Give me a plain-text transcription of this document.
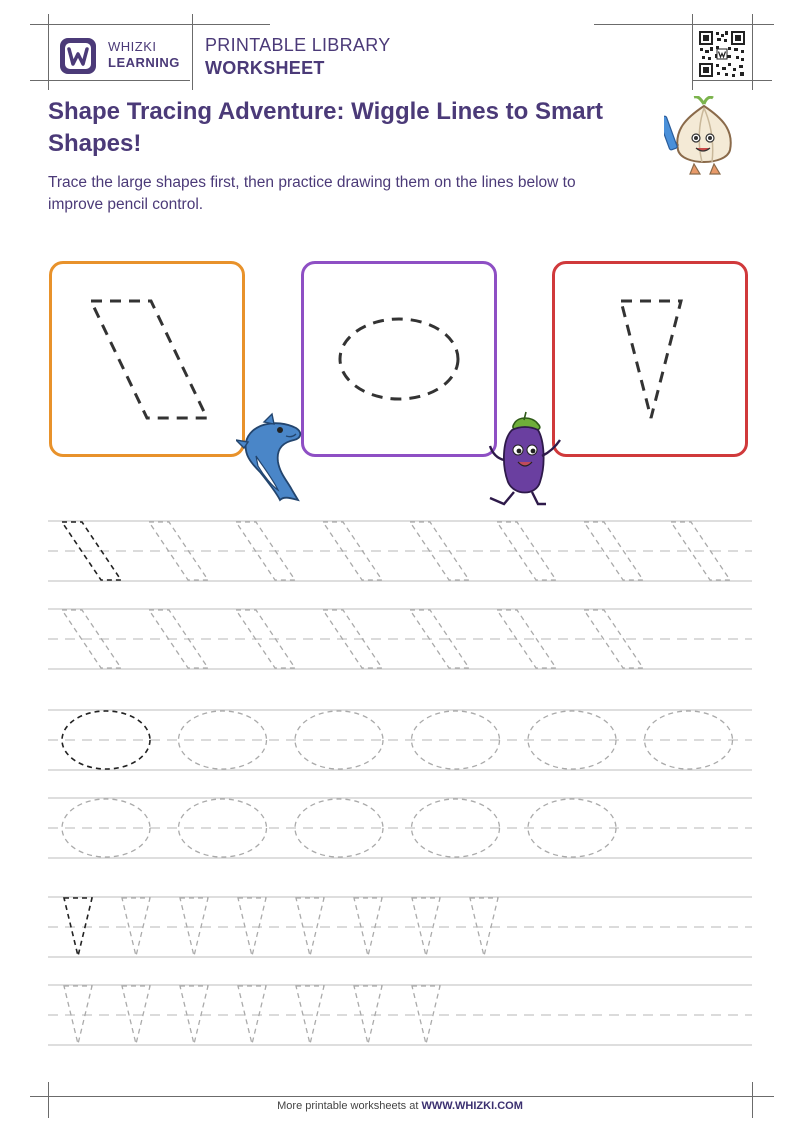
WHIZKI
LEARNING
PRINTABLE LIBRARY
WORKSHEET
Shape Tracing Adventure: Wiggle Lines to Smart Shapes!
Trace the large shapes first, then practice drawing them on the lines below to improve pencil control.
More printable worksheets at WWW.WHIZKI.COM
